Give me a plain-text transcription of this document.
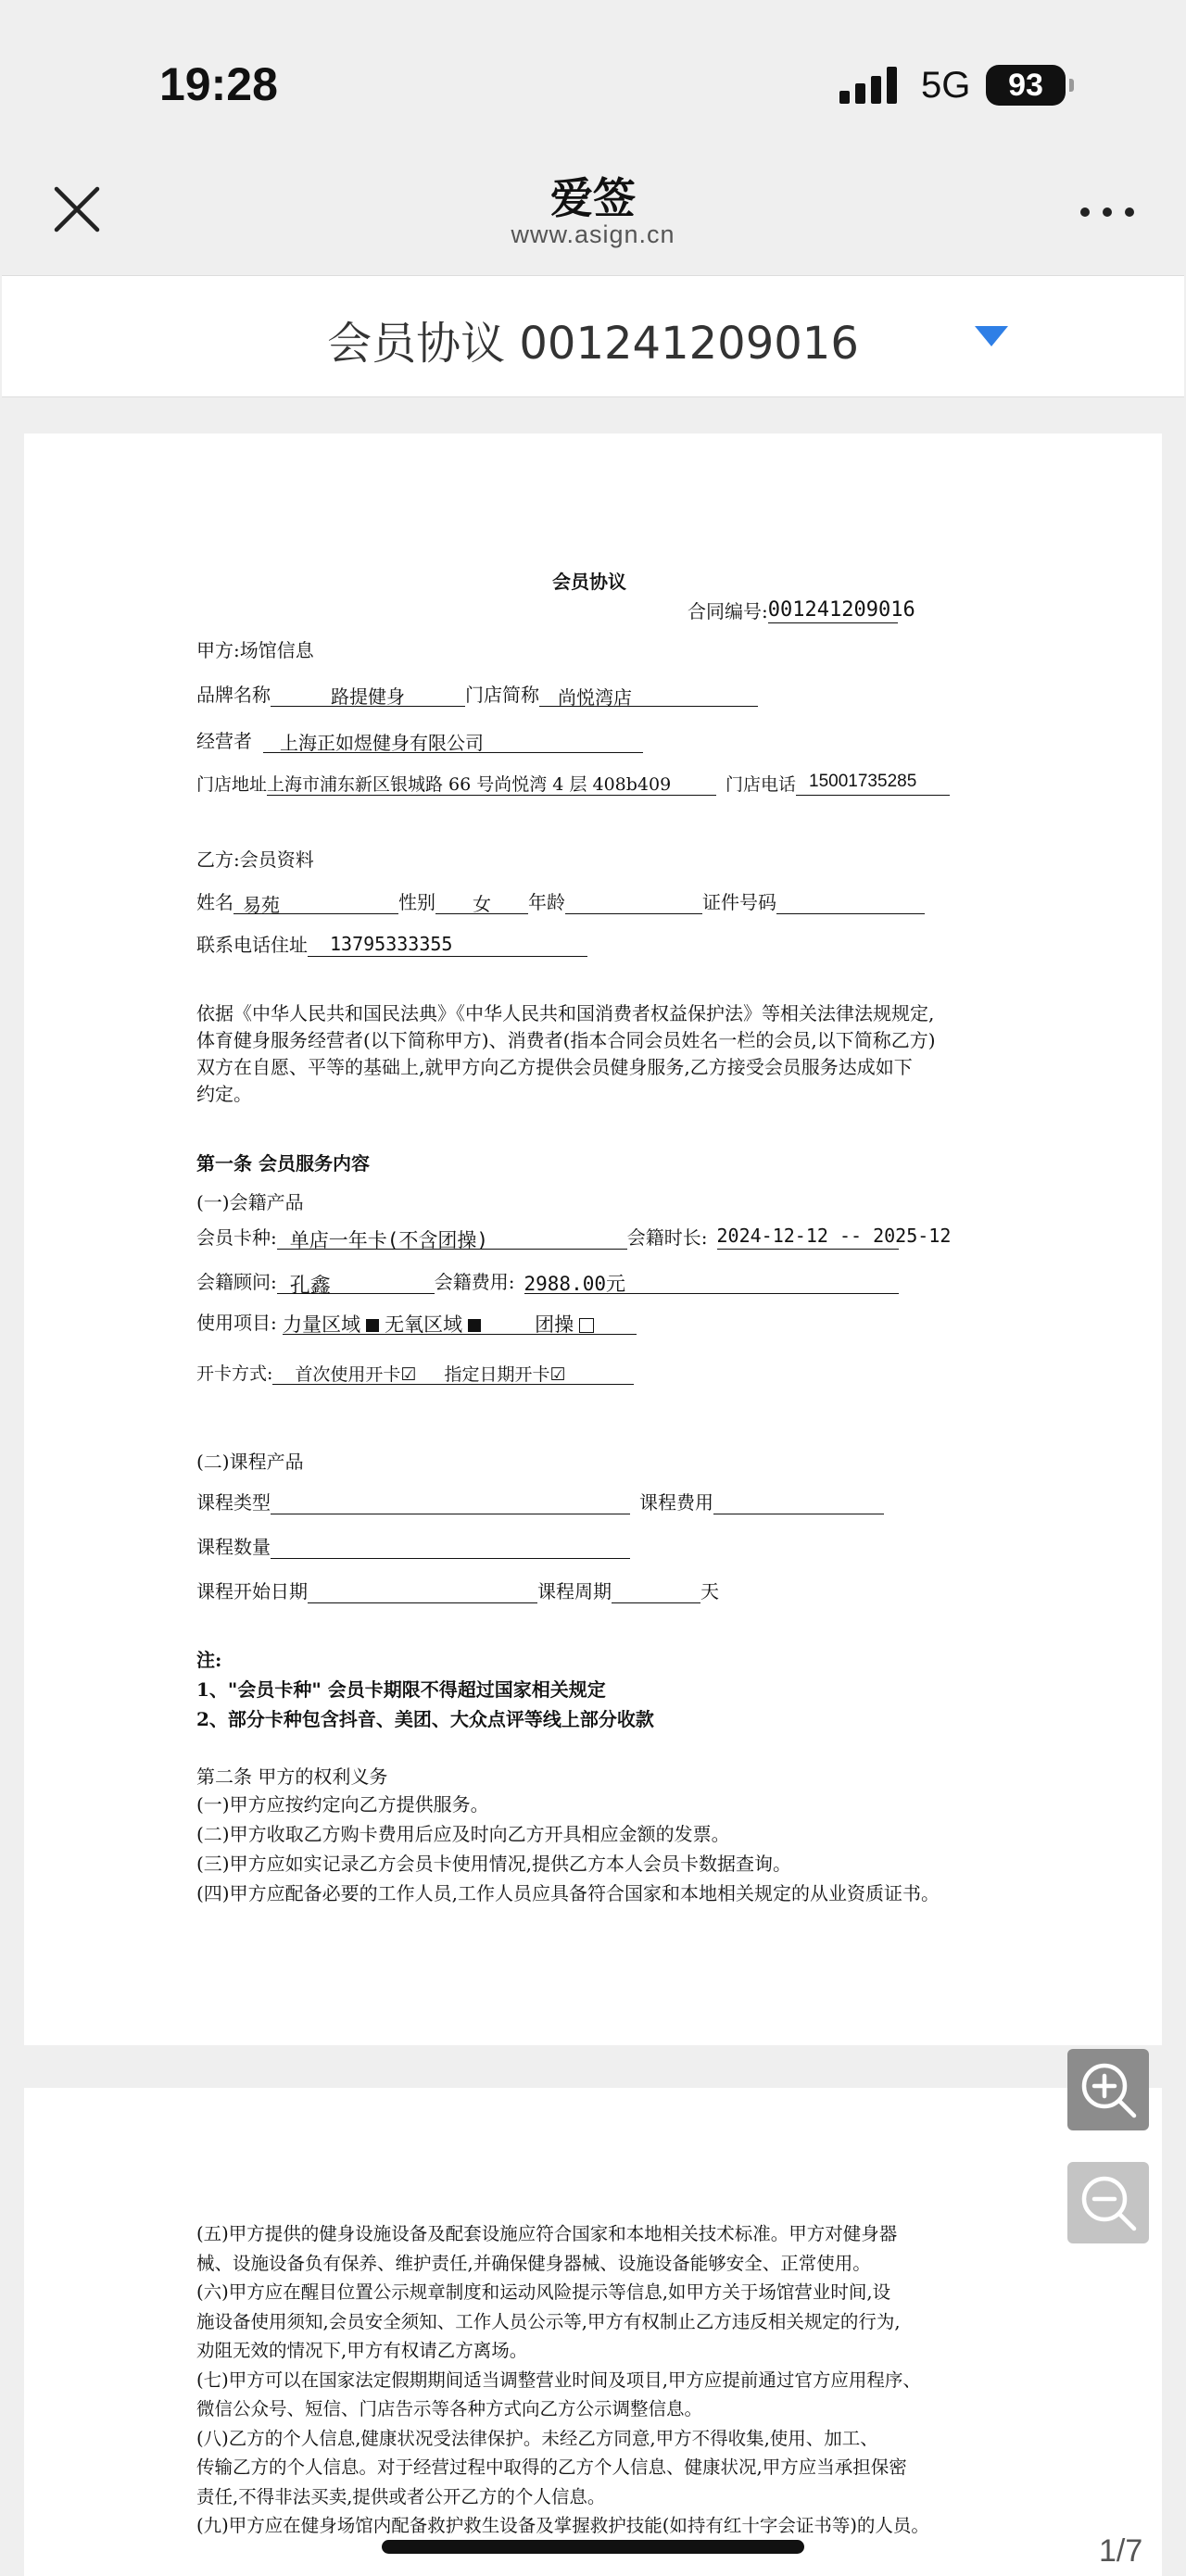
19:28	5G	93
爱签
www.asign.cn
会员协议 001241209016
会员协议
合同编号:001241209016
甲方:场馆信息
品牌名称	路提健身	门店简称 尚悦湾店
经营者 上海正如煜健身有限公司
门店地址上海市浦东新区银城路 66 号尚悦湾 4 层 408b409	门店电话 15001735285
乙方:会员资料
姓名 易苑	性别 女 年龄	证件号码
联系电话住址 13795333355
依据《中华人民共和国民法典》《中华人民共和国消费者权益保护法》等相关法律法规规定,
体育健身服务经营者(以下简称甲方)、消费者(指本合同会员姓名一栏的会员,以下简称乙方)
双方在自愿、平等的基础上,就甲方向乙方提供会员健身服务,乙方接受会员服务达成如下
约定。
第一条 会员服务内容
(一)会籍产品
会员卡种: 单店一年卡(不含团操)	会籍时长: 2024-12-12 -- 2025-12
会籍顾问: 孔鑫	会籍费用: 2988.00元
使用项目: 力量区域 无氧区域	团操
开卡方式: 首次使用开卡☑ 指定日期开卡☑
(二)课程产品
课程类型	课程费用
课程数量
课程开始日期	课程周期	天
注:
1、"会员卡种" 会员卡期限不得超过国家相关规定
2、部分卡种包含抖音、美团、大众点评等线上部分收款
第二条 甲方的权利义务
(一)甲方应按约定向乙方提供服务。
(二)甲方收取乙方购卡费用后应及时向乙方开具相应金额的发票。
(三)甲方应如实记录乙方会员卡使用情况,提供乙方本人会员卡数据查询。
(四)甲方应配备必要的工作人员,工作人员应具备符合国家和本地相关规定的从业资质证书。
(五)甲方提供的健身设施设备及配套设施应符合国家和本地相关技术标准。甲方对健身器
械、设施设备负有保养、维护责任,并确保健身器械、设施设备能够安全、正常使用。
(六)甲方应在醒目位置公示规章制度和运动风险提示等信息,如甲方关于场馆营业时间,设
施设备使用须知,会员安全须知、工作人员公示等,甲方有权制止乙方违反相关规定的行为,
劝阻无效的情况下,甲方有权请乙方离场。
(七)甲方可以在国家法定假期期间适当调整营业时间及项目,甲方应提前通过官方应用程序、
微信公众号、短信、门店告示等各种方式向乙方公示调整信息。
(八)乙方的个人信息,健康状况受法律保护。未经乙方同意,甲方不得收集,使用、加工、
传输乙方的个人信息。对于经营过程中取得的乙方个人信息、健康状况,甲方应当承担保密
责任,不得非法买卖,提供或者公开乙方的个人信息。
(九)甲方应在健身场馆内配备救护救生设备及掌握救护技能(如持有红十字会证书等)的人员。
1/7
